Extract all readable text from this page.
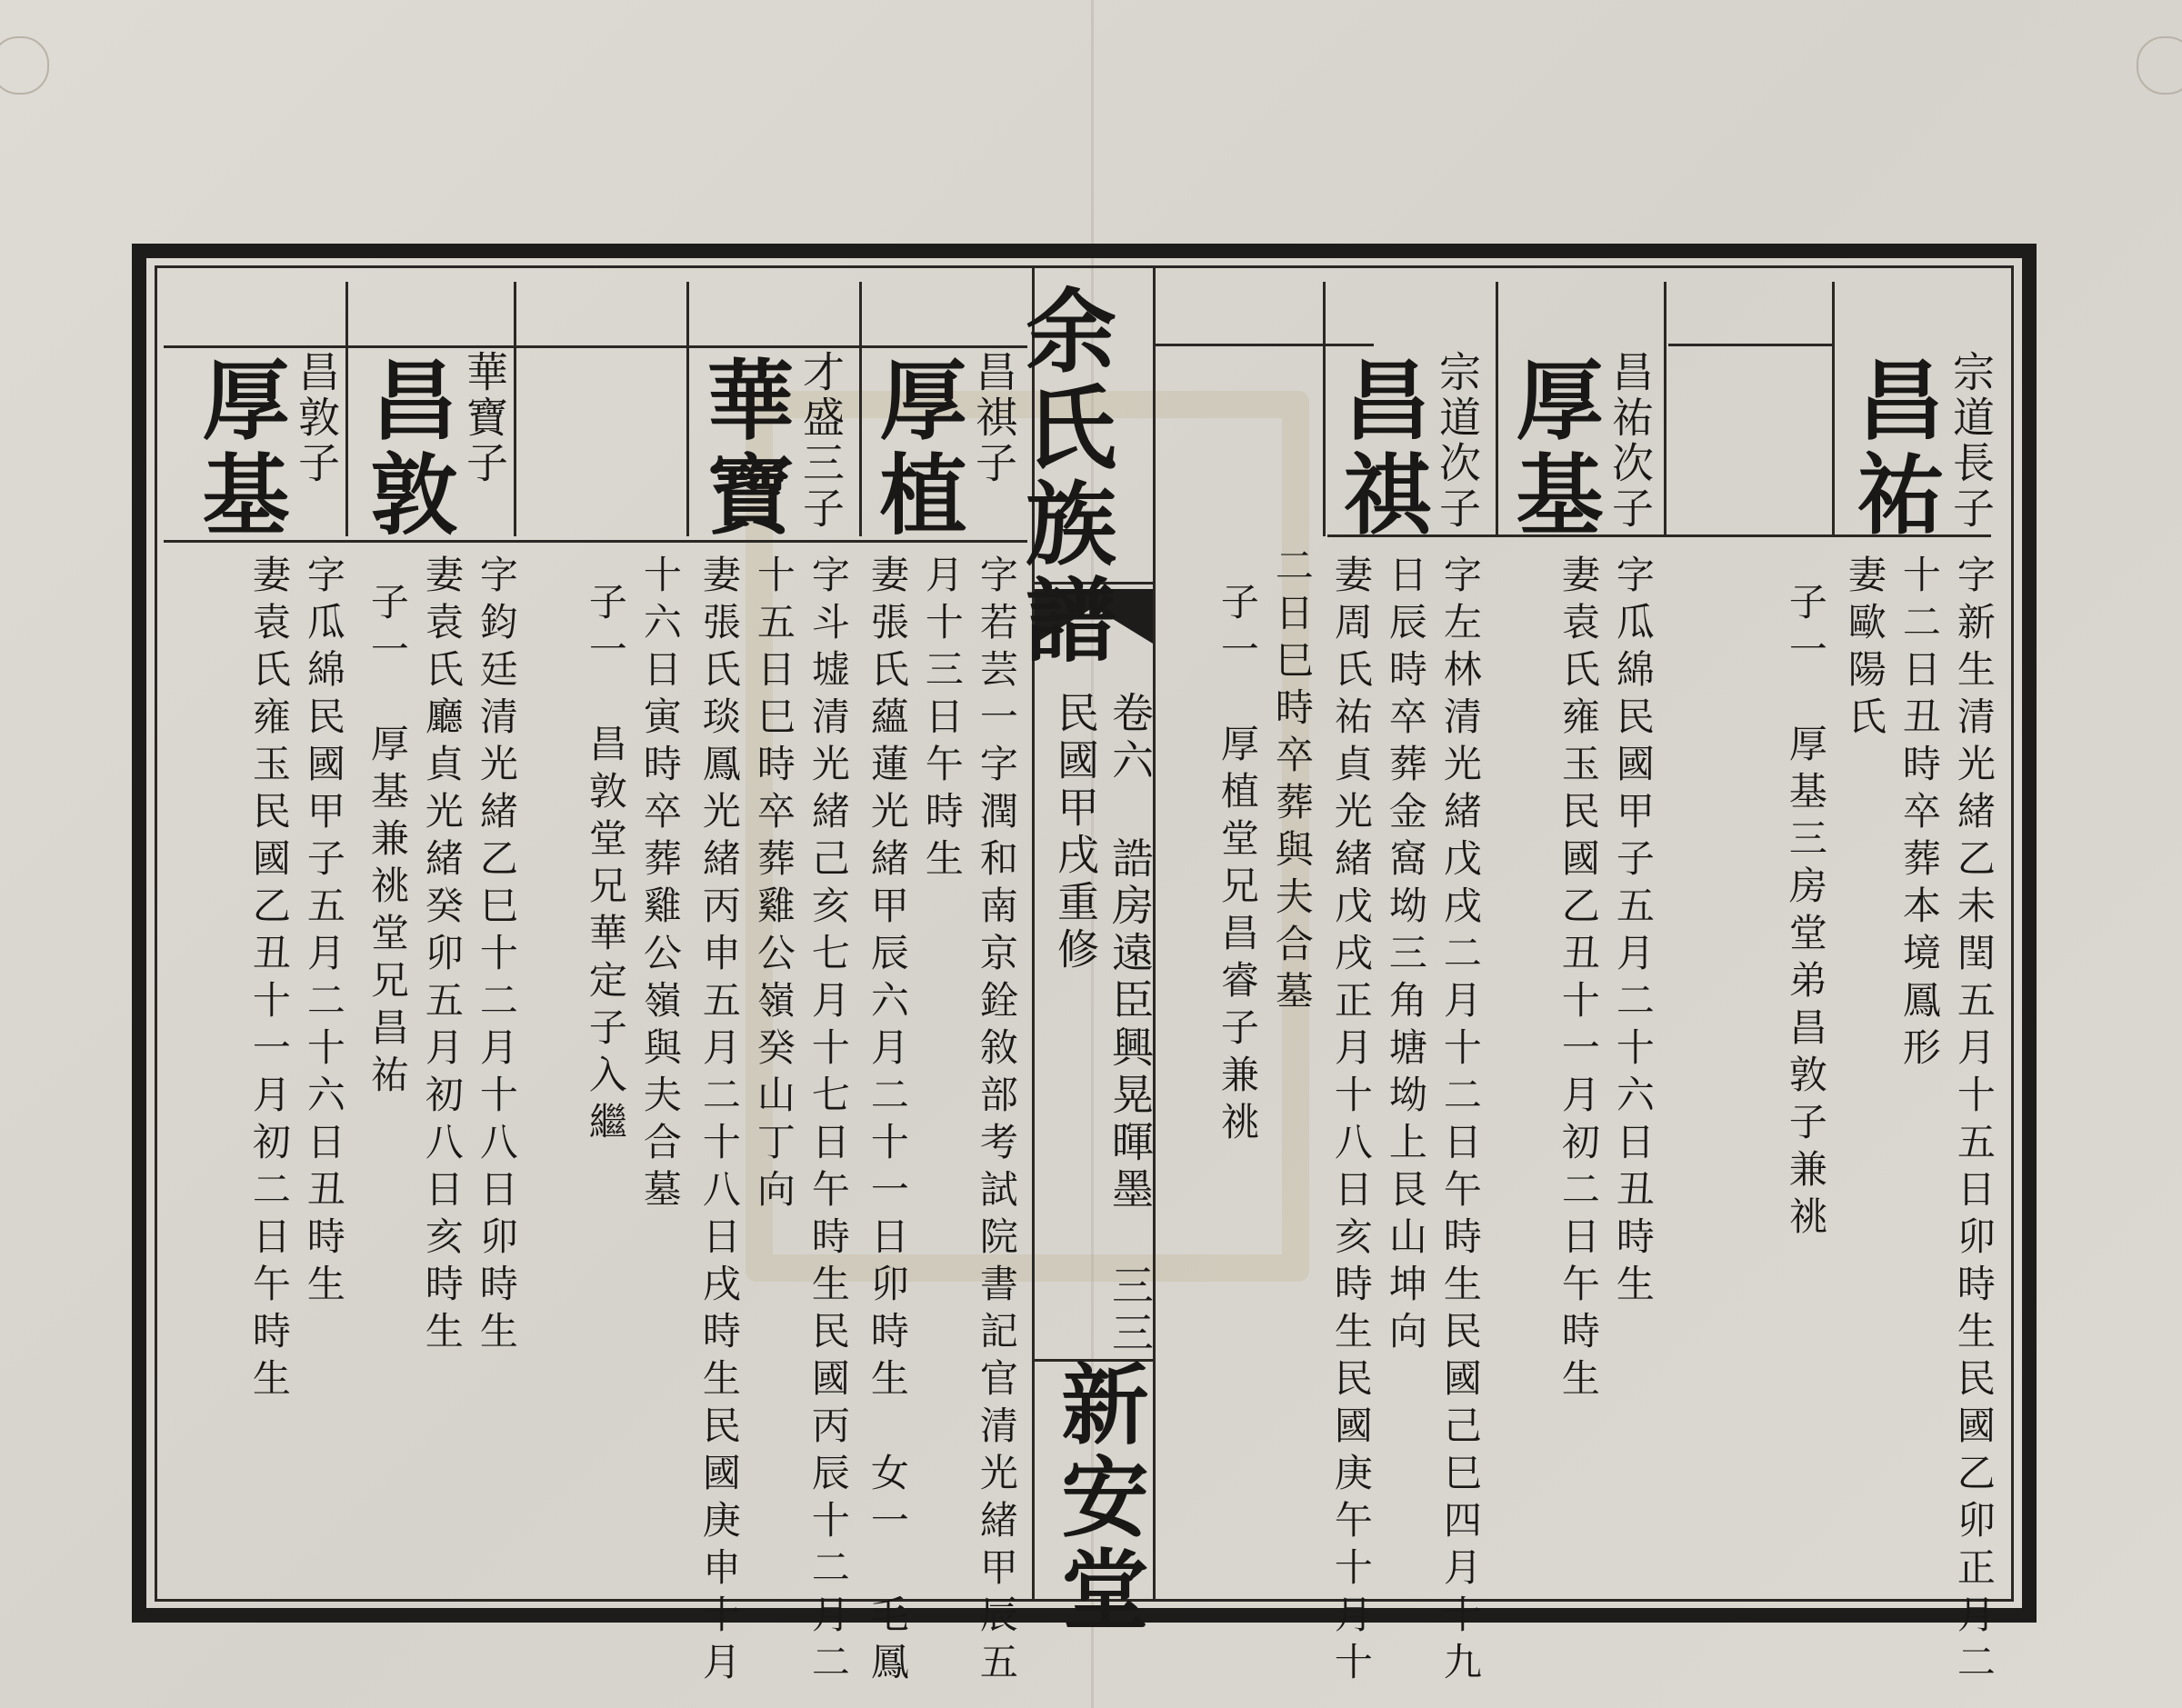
余氏族譜
卷六
誥房遠臣興晃暉墨
三三
民國甲戌重修
新安堂
宗道長子
昌祐
字新生清光緒乙未閏五月十五日卯時生民國乙卯正月二
十二日丑時卒葬本境鳳形
妻歐陽氏
子一　厚基三房堂弟昌敦子兼祧
昌祐次子
厚基
字瓜綿民國甲子五月二十六日丑時生
妻袁氏雍玉民國乙丑十一月初二日午時生
宗道次子
昌祺
字左林清光緒戊戌二月十二日午時生民國己巳四月十九
日辰時卒葬金窩坳三角塘坳上艮山坤向
妻周氏祐貞光緒戊戌正月十八日亥時生民國庚午十月十
二日巳時卒葬與夫合墓
子一　厚植堂兄昌睿子兼祧
昌祺子
厚植
字若芸一字潤和南京銓敘部考試院書記官清光緒甲辰五
月十三日午時生
妻張氏蘊蓮光緒甲辰六月二十一日卯時生　女一　毛鳳
才盛三子
華寶
字斗墟清光緒己亥七月十七日午時生民國丙辰十二月二
十五日巳時卒葬雞公嶺癸山丁向
妻張氏琰鳳光緒丙申五月二十八日戌時生民國庚申十月
十六日寅時卒葬雞公嶺與夫合墓
子一　昌敦堂兄華定子入繼
華寶子
昌敦
字鈞廷清光緒乙巳十二月十八日卯時生
妻袁氏廳貞光緒癸卯五月初八日亥時生
子一　厚基兼祧堂兄昌祐
昌敦子
厚基
字瓜綿民國甲子五月二十六日丑時生
妻袁氏雍玉民國乙丑十一月初二日午時生
